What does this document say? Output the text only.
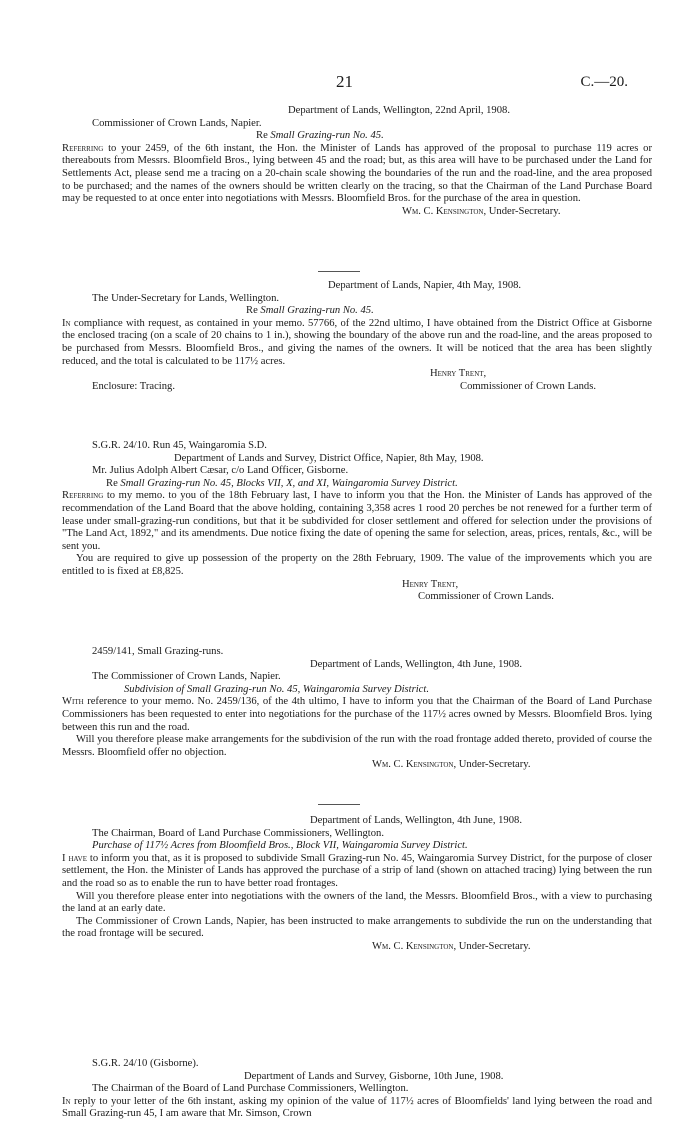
21	C.—20.

Department of Lands, Wellington, 22nd April, 1908.

Commissioner of Crown Lands, Napier.

Re Small Grazing-run No. 45.

Referring to your 2459, of the 6th instant, the Hon. the Minister of Lands has approved of the proposal to purchase 119 acres or thereabouts from Messrs. Bloomfield Bros., lying between 45 and the road; but, as this area will have to be purchased under the Land for Settlements Act, please send me a tracing on a 20-chain scale showing the boundaries of the run and the road-line, and the area proposed to be purchased; and the names of the owners should be written clearly on the tracing, so that the Chairman of the Land Purchase Board may be requested to at once enter into negotiations with Messrs. Bloomfield Bros. for the purchase of the area in question.

Wm. C. Kensington, Under-Secretary.

Department of Lands, Napier, 4th May, 1908.

The Under-Secretary for Lands, Wellington.

Re Small Grazing-run No. 45.

In compliance with request, as contained in your memo. 57766, of the 22nd ultimo, I have obtained from the District Office at Gisborne the enclosed tracing (on a scale of 20 chains to 1 in.), showing the boundary of the above run and the road-line, and the areas proposed to be purchased from Messrs. Bloomfield Bros., and giving the names of the owners. It will be noticed that the area has been slightly reduced, and the total is calculated to be 117½ acres.

Henry Trent,

Enclosure: Tracing.	Commissioner of Crown Lands.

S.G.R. 24/10. Run 45, Waingaromia S.D.

Department of Lands and Survey, District Office, Napier, 8th May, 1908.

Mr. Julius Adolph Albert Cæsar, c/o Land Officer, Gisborne.

Re Small Grazing-run No. 45, Blocks VII, X, and XI, Waingaromia Survey District.

Referring to my memo. to you of the 18th February last, I have to inform you that the Hon. the Minister of Lands has approved of the recommendation of the Land Board that the above holding, containing 3,358 acres 1 rood 20 perches be not renewed for a further term of lease under small-grazing-run conditions, but that it be subdivided for closer settlement and offered for selection under the provisions of "The Land Act, 1892," and its amendments. Due notice fixing the date of opening the same for selection, areas, prices, rentals, &c., will be sent you.

You are required to give up possession of the property on the 28th February, 1909. The value of the improvements which you are entitled to is fixed at £8,825.

Henry Trent,

Commissioner of Crown Lands.

2459/141, Small Grazing-runs.

Department of Lands, Wellington, 4th June, 1908.

The Commissioner of Crown Lands, Napier.

Subdivision of Small Grazing-run No. 45, Waingaromia Survey District.

With reference to your memo. No. 2459/136, of the 4th ultimo, I have to inform you that the Chairman of the Board of Land Purchase Commissioners has been requested to enter into negotiations for the purchase of the 117½ acres owned by Messrs. Bloomfield Bros. lying between this run and the road.

Will you therefore please make arrangements for the subdivision of the run with the road frontage added thereto, provided of course the Messrs. Bloomfield offer no objection.

Wm. C. Kensington, Under-Secretary.

Department of Lands, Wellington, 4th June, 1908.

The Chairman, Board of Land Purchase Commissioners, Wellington.

Purchase of 117½ Acres from Bloomfield Bros., Block VII, Waingaromia Survey District.

I have to inform you that, as it is proposed to subdivide Small Grazing-run No. 45, Waingaromia Survey District, for the purpose of closer settlement, the Hon. the Minister of Lands has approved the purchase of a strip of land (shown on attached tracing) lying between the run and the road so as to enable the run to have better road frontages.

Will you therefore please enter into negotiations with the owners of the land, the Messrs. Bloomfield Bros., with a view to purchasing the land at an early date.

The Commissioner of Crown Lands, Napier, has been instructed to make arrangements to subdivide the run on the understanding that the road frontage will be secured.

Wm. C. Kensington, Under-Secretary.

S.G.R. 24/10 (Gisborne).

Department of Lands and Survey, Gisborne, 10th June, 1908.

The Chairman of the Board of Land Purchase Commissioners, Wellington.

In reply to your letter of the 6th instant, asking my opinion of the value of 117½ acres of Bloomfields' land lying between the road and Small Grazing-run 45, I am aware that Mr. Simson, Crown
